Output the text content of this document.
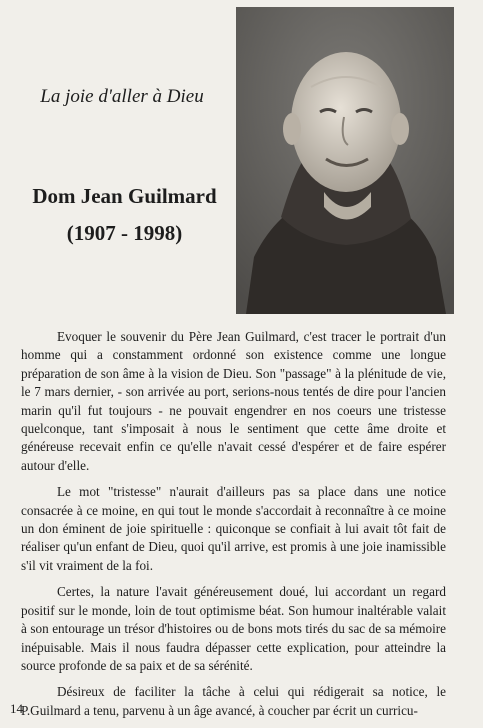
La joie d'aller à Dieu
Dom Jean Guilmard
(1907 - 1998)

Evoquer le souvenir du Père Jean Guilmard, c'est tracer le portrait d'un homme qui a constamment ordonné son existence comme une longue préparation de son âme à la vision de Dieu. Son "passage" à la plénitude de vie, le 7 mars dernier, - son arrivée au port, serions-nous tentés de dire pour l'ancien marin qu'il fut toujours - ne pouvait engendrer en nos coeurs une tristesse quelconque, tant s'imposait à nous le sentiment que cette âme droite et généreuse recevait enfin ce qu'elle n'avait cessé d'espérer et de faire espérer autour d'elle.

Le mot "tristesse" n'aurait d'ailleurs pas sa place dans une notice consacrée à ce moine, en qui tout le monde s'accordait à reconnaître à ce moine un don éminent de joie spirituelle : quiconque se confiait à lui avait tôt fait de réaliser qu'un enfant de Dieu, quoi qu'il arrive, est promis à une joie inamissible s'il vit vraiment de la foi.

Certes, la nature l'avait généreusement doué, lui accordant un regard positif sur le monde, loin de tout optimisme béat. Son humour inaltérable valait à son entourage un trésor d'histoires ou de bons mots tirés du sac de sa mémoire inépuisable. Mais il nous faudra dépasser cette explication, pour atteindre la source profonde de sa paix et de sa sérénité.

Désireux de faciliter la tâche à celui qui rédigerait sa notice, le P.Guilmard a tenu, parvenu à un âge avancé, à coucher par écrit un curricu-

14
